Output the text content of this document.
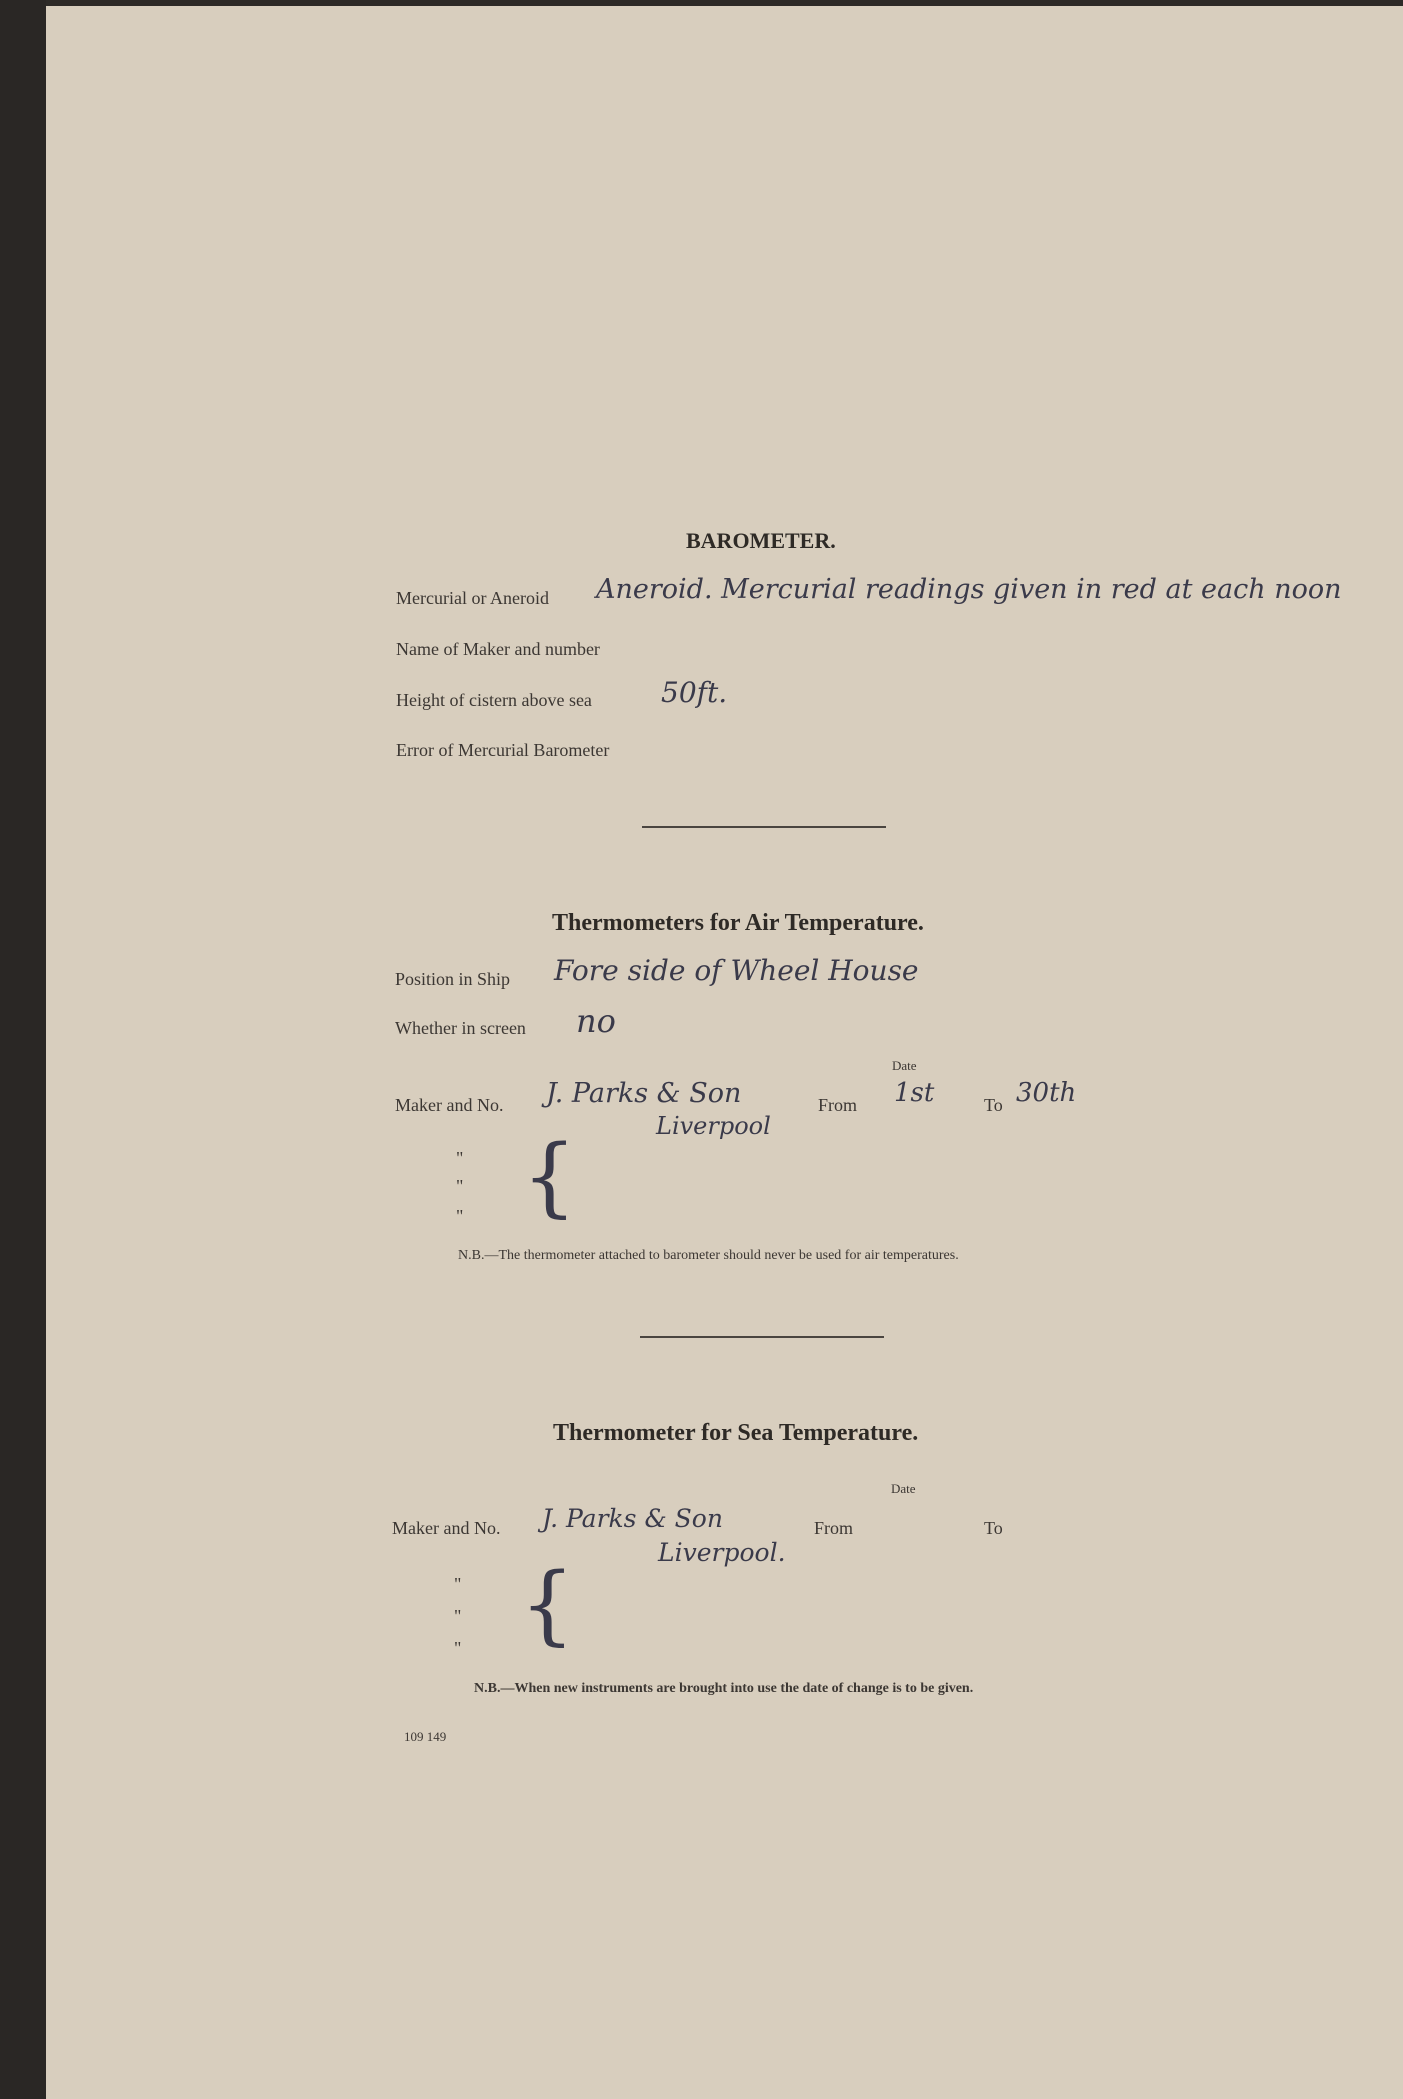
BAROMETER.
Mercurial or Aneroid Aneroid. Mercurial readings given in red at each noon
Name of Maker and number
Height of cistern above sea 50ft.
Error of Mercurial Barometer
Thermometers for Air Temperature.
Position in Ship Fore side of Wheel House
Whether in screen no
Date
Maker and No. J. Parks & Son
Liverpool
From 1st	To 30th
"
"
" {
N.B.—The thermometer attached to barometer should never be used for air temperatures.
Thermometer for Sea Temperature.
Date
Maker and No. J. Parks & Son
Liverpool.
From	To
"
"
" {
N.B.—When new instruments are brought into use the date of change is to be given.
109 149
